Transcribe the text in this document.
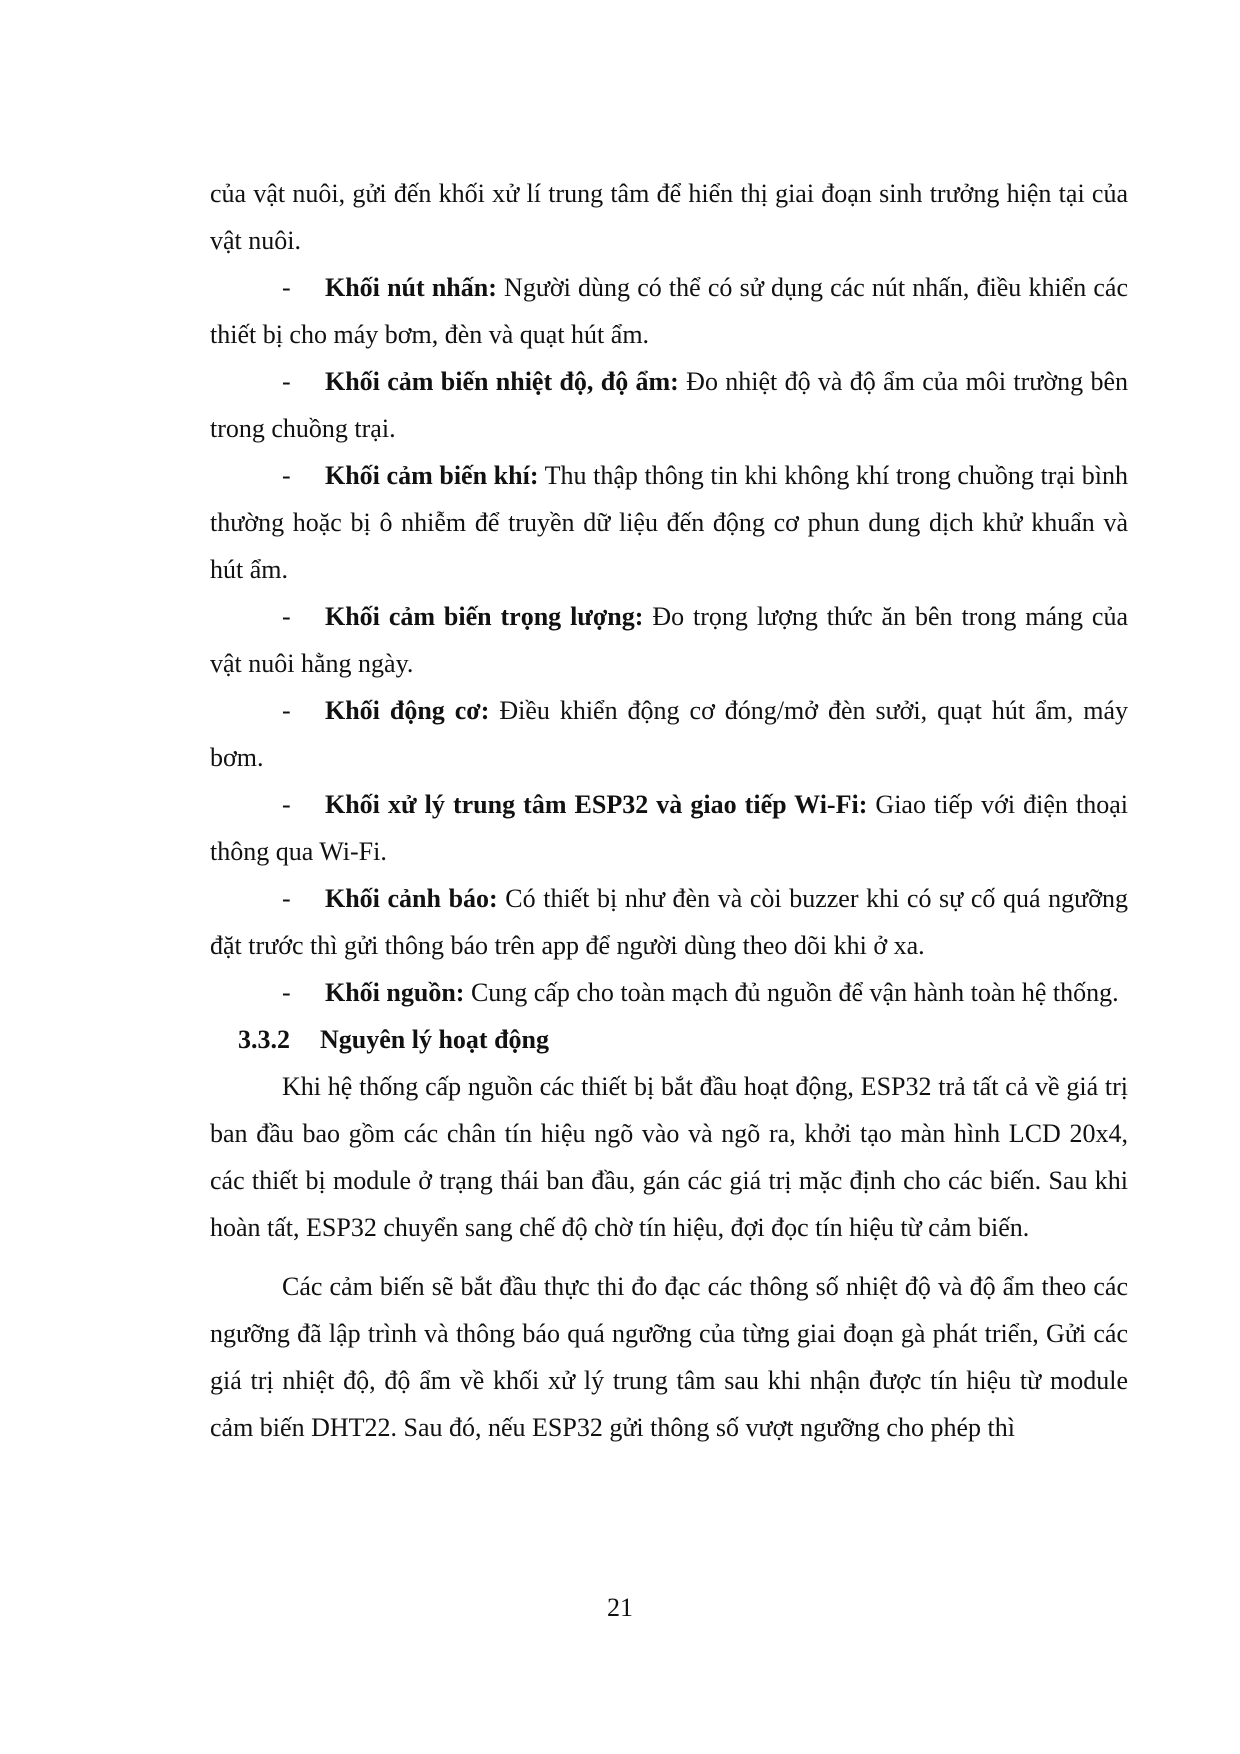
của vật nuôi, gửi đến khối xử lí trung tâm để hiển thị giai đoạn sinh trưởng hiện tại của vật nuôi.

- Khối nút nhấn: Người dùng có thể có sử dụng các nút nhấn, điều khiển các thiết bị cho máy bơm, đèn và quạt hút ẩm.

- Khối cảm biến nhiệt độ, độ ẩm: Đo nhiệt độ và độ ẩm của môi trường bên trong chuồng trại.

- Khối cảm biến khí: Thu thập thông tin khi không khí trong chuồng trại bình thường hoặc bị ô nhiễm để truyền dữ liệu đến động cơ phun dung dịch khử khuẩn và hút ẩm.

- Khối cảm biến trọng lượng: Đo trọng lượng thức ăn bên trong máng của vật nuôi hằng ngày.

- Khối động cơ: Điều khiển động cơ đóng/mở đèn sưởi, quạt hút ẩm, máy bơm.

- Khối xử lý trung tâm ESP32 và giao tiếp Wi-Fi: Giao tiếp với điện thoại thông qua Wi-Fi.

- Khối cảnh báo: Có thiết bị như đèn và còi buzzer khi có sự cố quá ngưỡng đặt trước thì gửi thông báo trên app để người dùng theo dõi khi ở xa.

- Khối nguồn: Cung cấp cho toàn mạch đủ nguồn để vận hành toàn hệ thống.

3.3.2 Nguyên lý hoạt động

Khi hệ thống cấp nguồn các thiết bị bắt đầu hoạt động, ESP32 trả tất cả về giá trị ban đầu bao gồm các chân tín hiệu ngõ vào và ngõ ra, khởi tạo màn hình LCD 20x4, các thiết bị module ở trạng thái ban đầu, gán các giá trị mặc định cho các biến. Sau khi hoàn tất, ESP32 chuyển sang chế độ chờ tín hiệu, đợi đọc tín hiệu từ cảm biến.

Các cảm biến sẽ bắt đầu thực thi đo đạc các thông số nhiệt độ và độ ẩm theo các ngưỡng đã lập trình và thông báo quá ngưỡng của từng giai đoạn gà phát triển, Gửi các giá trị nhiệt độ, độ ẩm về khối xử lý trung tâm sau khi nhận được tín hiệu từ module cảm biến DHT22. Sau đó, nếu ESP32 gửi thông số vượt ngưỡng cho phép thì

21
